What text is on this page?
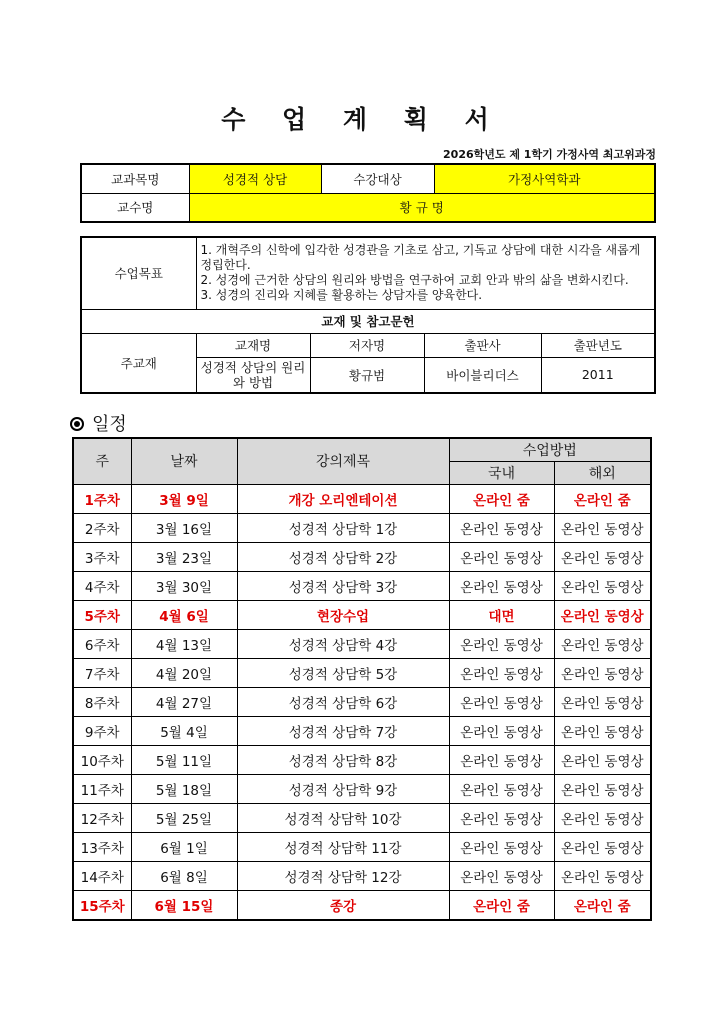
수 업 계 획 서
2026학년도 제 1학기 가정사역 최고위과정
교과목명	성경적 상담	수강대상	가정사역학과
교수명	황 규 명		
수업목표	1. 개혁주의 신학에 입각한 성경관을 기초로 삼고, 기독교 상담에 대한 시각을 새롭게 정립한다.
2. 성경에 근거한 상담의 원리와 방법을 연구하여 교회 안과 밖의 삶을 변화시킨다.
3. 성경의 진리와 지혜를 활용하는 상담자를 양육한다.			

교재 및 참고문헌				
주교재	교재명	저자명	출판사	출판년도
	성경적 상담의 원리와 방법	황규범	바이블리더스	2011
일정
주	날짜	강의제목	수업방법	
			국내	해외
1주차	3월 9일	개강 오리엔테이션	온라인 줌	온라인 줌
2주차	3월 16일	성경적 상담학 1강	온라인 동영상	온라인 동영상
3주차	3월 23일	성경적 상담학 2강	온라인 동영상	온라인 동영상
4주차	3월 30일	성경적 상담학 3강	온라인 동영상	온라인 동영상
5주차	4월 6일	현장수업	대면	온라인 동영상
6주차	4월 13일	성경적 상담학 4강	온라인 동영상	온라인 동영상
7주차	4월 20일	성경적 상담학 5강	온라인 동영상	온라인 동영상
8주차	4월 27일	성경적 상담학 6강	온라인 동영상	온라인 동영상
9주차	5월 4일	성경적 상담학 7강	온라인 동영상	온라인 동영상
10주차	5월 11일	성경적 상담학 8강	온라인 동영상	온라인 동영상
11주차	5월 18일	성경적 상담학 9강	온라인 동영상	온라인 동영상
12주차	5월 25일	성경적 상담학 10강	온라인 동영상	온라인 동영상
13주차	6월 1일	성경적 상담학 11강	온라인 동영상	온라인 동영상
14주차	6월 8일	성경적 상담학 12강	온라인 동영상	온라인 동영상
15주차	6월 15일	종강	온라인 줌	온라인 줌
